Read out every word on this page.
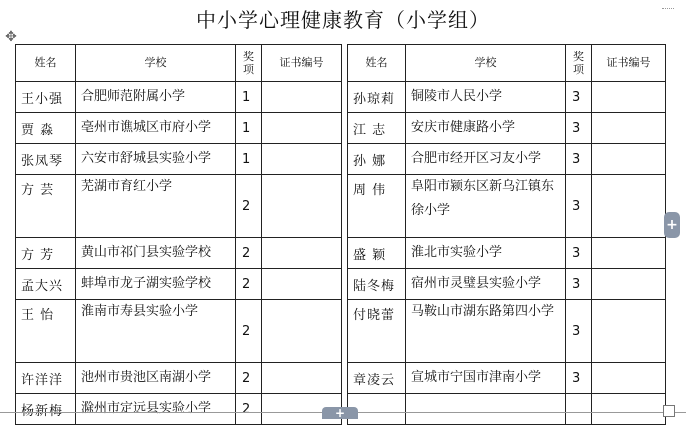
中小学心理健康教育（小学组）
✥
姓名	学校	奖项	证书编号		姓名	学校	奖项	证书编号
王小强	合肥师范附属小学	1			孙琼莉	铜陵市人民小学	3	
贾 淼	亳州市谯城区市府小学	1			江 志	安庆市健康路小学	3	
张凤琴	六安市舒城县实验小学	1			孙 娜	合肥市经开区习友小学	3	
方 芸	芜湖市育红小学	2			周 伟	阜阳市颍东区新乌江镇东徐小学	3	
方 芳	黄山市祁门县实验学校	2			盛 颖	淮北市实验小学	3	
孟大兴	蚌埠市龙子湖实验学校	2			陆冬梅	宿州市灵璧县实验小学	3	
王 怡	淮南市寿县实验小学	2			付晓蕾	马鞍山市湖东路第四小学	3	
许洋洋	池州市贵池区南湖小学	2			章凌云	宣城市宁国市津南小学	3	
杨新梅	滁州市定远县实验小学	2						
+
+
